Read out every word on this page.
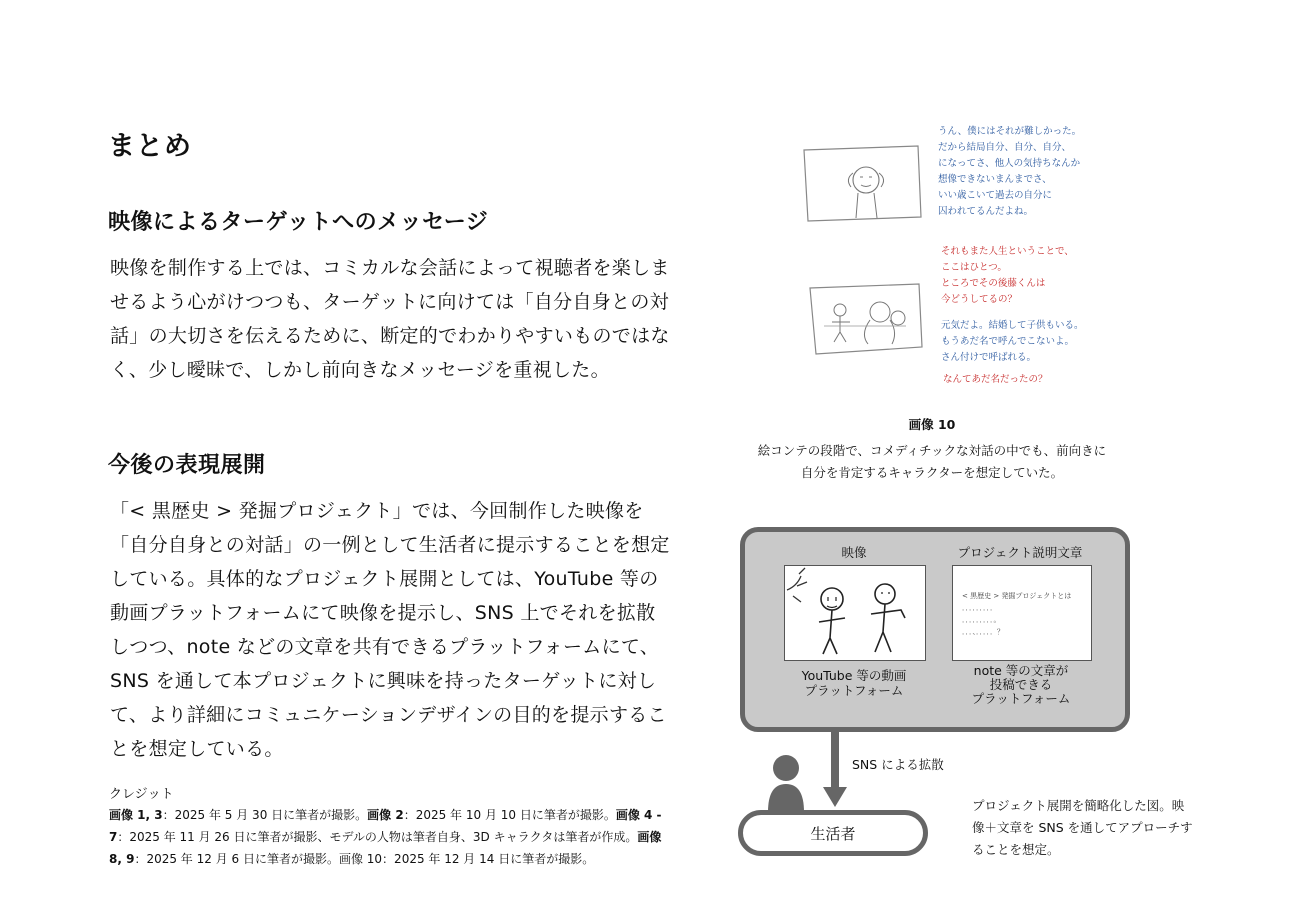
まとめ
映像によるターゲットへのメッセージ

映像を制作する上では、コミカルな会話によって視聴者を楽しませるよう心がけつつも、ターゲットに向けては「自分自身との対話」の大切さを伝えるために、断定的でわかりやすいものではなく、少し曖昧で、しかし前向きなメッセージを重視した。

今後の表現展開

「< 黒歴史 > 発掘プロジェクト」では、今回制作した映像を「自分自身との対話」の一例として生活者に提示することを想定している。具体的なプロジェクト展開としては、YouTube 等の動画プラットフォームにて映像を提示し、SNS 上でそれを拡散しつつ、note などの文章を共有できるプラットフォームにて、SNS を通して本プロジェクトに興味を持ったターゲットに対して、より詳細にコミュニケーションデザインの目的を提示することを想定している。

クレジット

画像 1, 3：2025 年 5 月 30 日に筆者が撮影。画像 2：2025 年 10 月 10 日に筆者が撮影。画像 4 - 7：2025 年 11 月 26 日に筆者が撮影、モデルの人物は筆者自身、3D キャラクタは筆者が作成。画像 8, 9：2025 年 12 月 6 日に筆者が撮影。画像 10：2025 年 12 月 14 日に筆者が撮影。

うん、僕にはそれが難しかった。

だから結局自分、自分、自分、

になってさ、他人の気持ちなんか

想像できないまんまでさ、

いい歳こいて過去の自分に

囚われてるんだよね。

それもまた人生ということで、

ここはひとつ。

ところでその後藤くんは

今どうしてるの？

元気だよ。結婚して子供もいる。

もうあだ名で呼んでこないよ。

さん付けで呼ばれる。

なんてあだ名だったの？

画像 10
絵コンテの段階で、コメディチックな対話の中でも、前向きに
自分を肯定するキャラクターを想定していた。
映像	プロジェクト説明文章
< 黒歴史 > 発掘プロジェクトとは
．．．．．．．．．
．．．．．．．．．。
．．．、．．．．．？
YouTube 等の動画
プラットフォーム
note 等の文章が
投稿できる
プラットフォーム
SNS による拡散
生活者
プロジェクト展開を簡略化した図。映
像＋文章を SNS を通してアプローチす
ることを想定。
